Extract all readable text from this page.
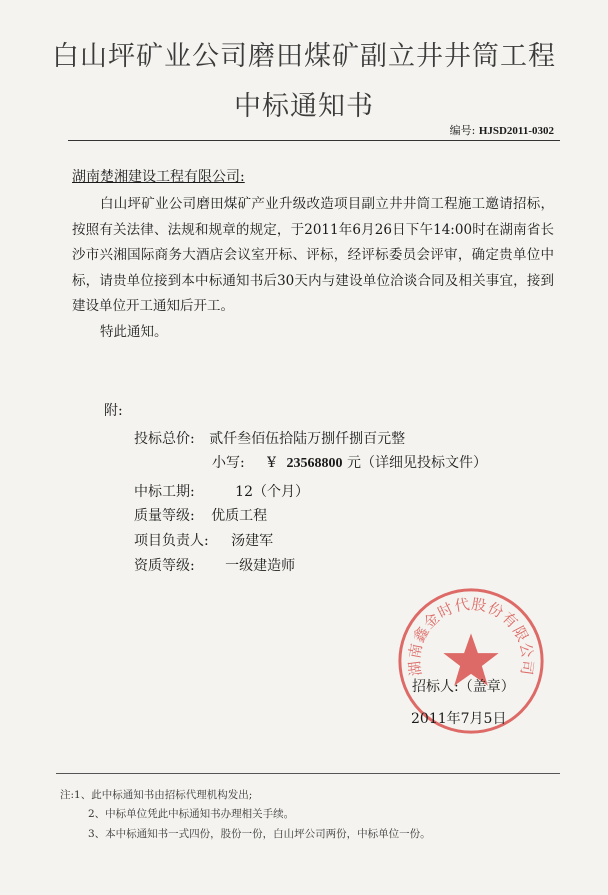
白山坪矿业公司磨田煤矿副立井井筒工程
中标通知书
编号: HJSD2011-0302
湖南楚湘建设工程有限公司:

白山坪矿业公司磨田煤矿产业升级改造项目副立井井筒工程施工邀请招标，按照有关法律、法规和规章的规定，于2011年6月26日下午14:00时在湖南省长沙市兴湘国际商务大酒店会议室开标、评标，经评标委员会评审，确定贵单位中标，请贵单位接到本中标通知书后30天内与建设单位洽谈合同及相关事宜，接到建设单位开工通知后开工。

特此通知。

附:
投标总价: 贰仟叁佰伍拾陆万捌仟捌百元整
小写: ¥ 23568800 元（详细见投标文件）
中标工期:	12（个月）
质量等级: 优质工程
项目负责人: 汤建军
资质等级: 一级建造师
湖南鑫金时代股份有限公司
招标人:（盖章）
2011年7月5日
注:1、此中标通知书由招标代理机构发出;
2、中标单位凭此中标通知书办理相关手续。
3、本中标通知书一式四份，股份一份，白山坪公司两份，中标单位一份。
